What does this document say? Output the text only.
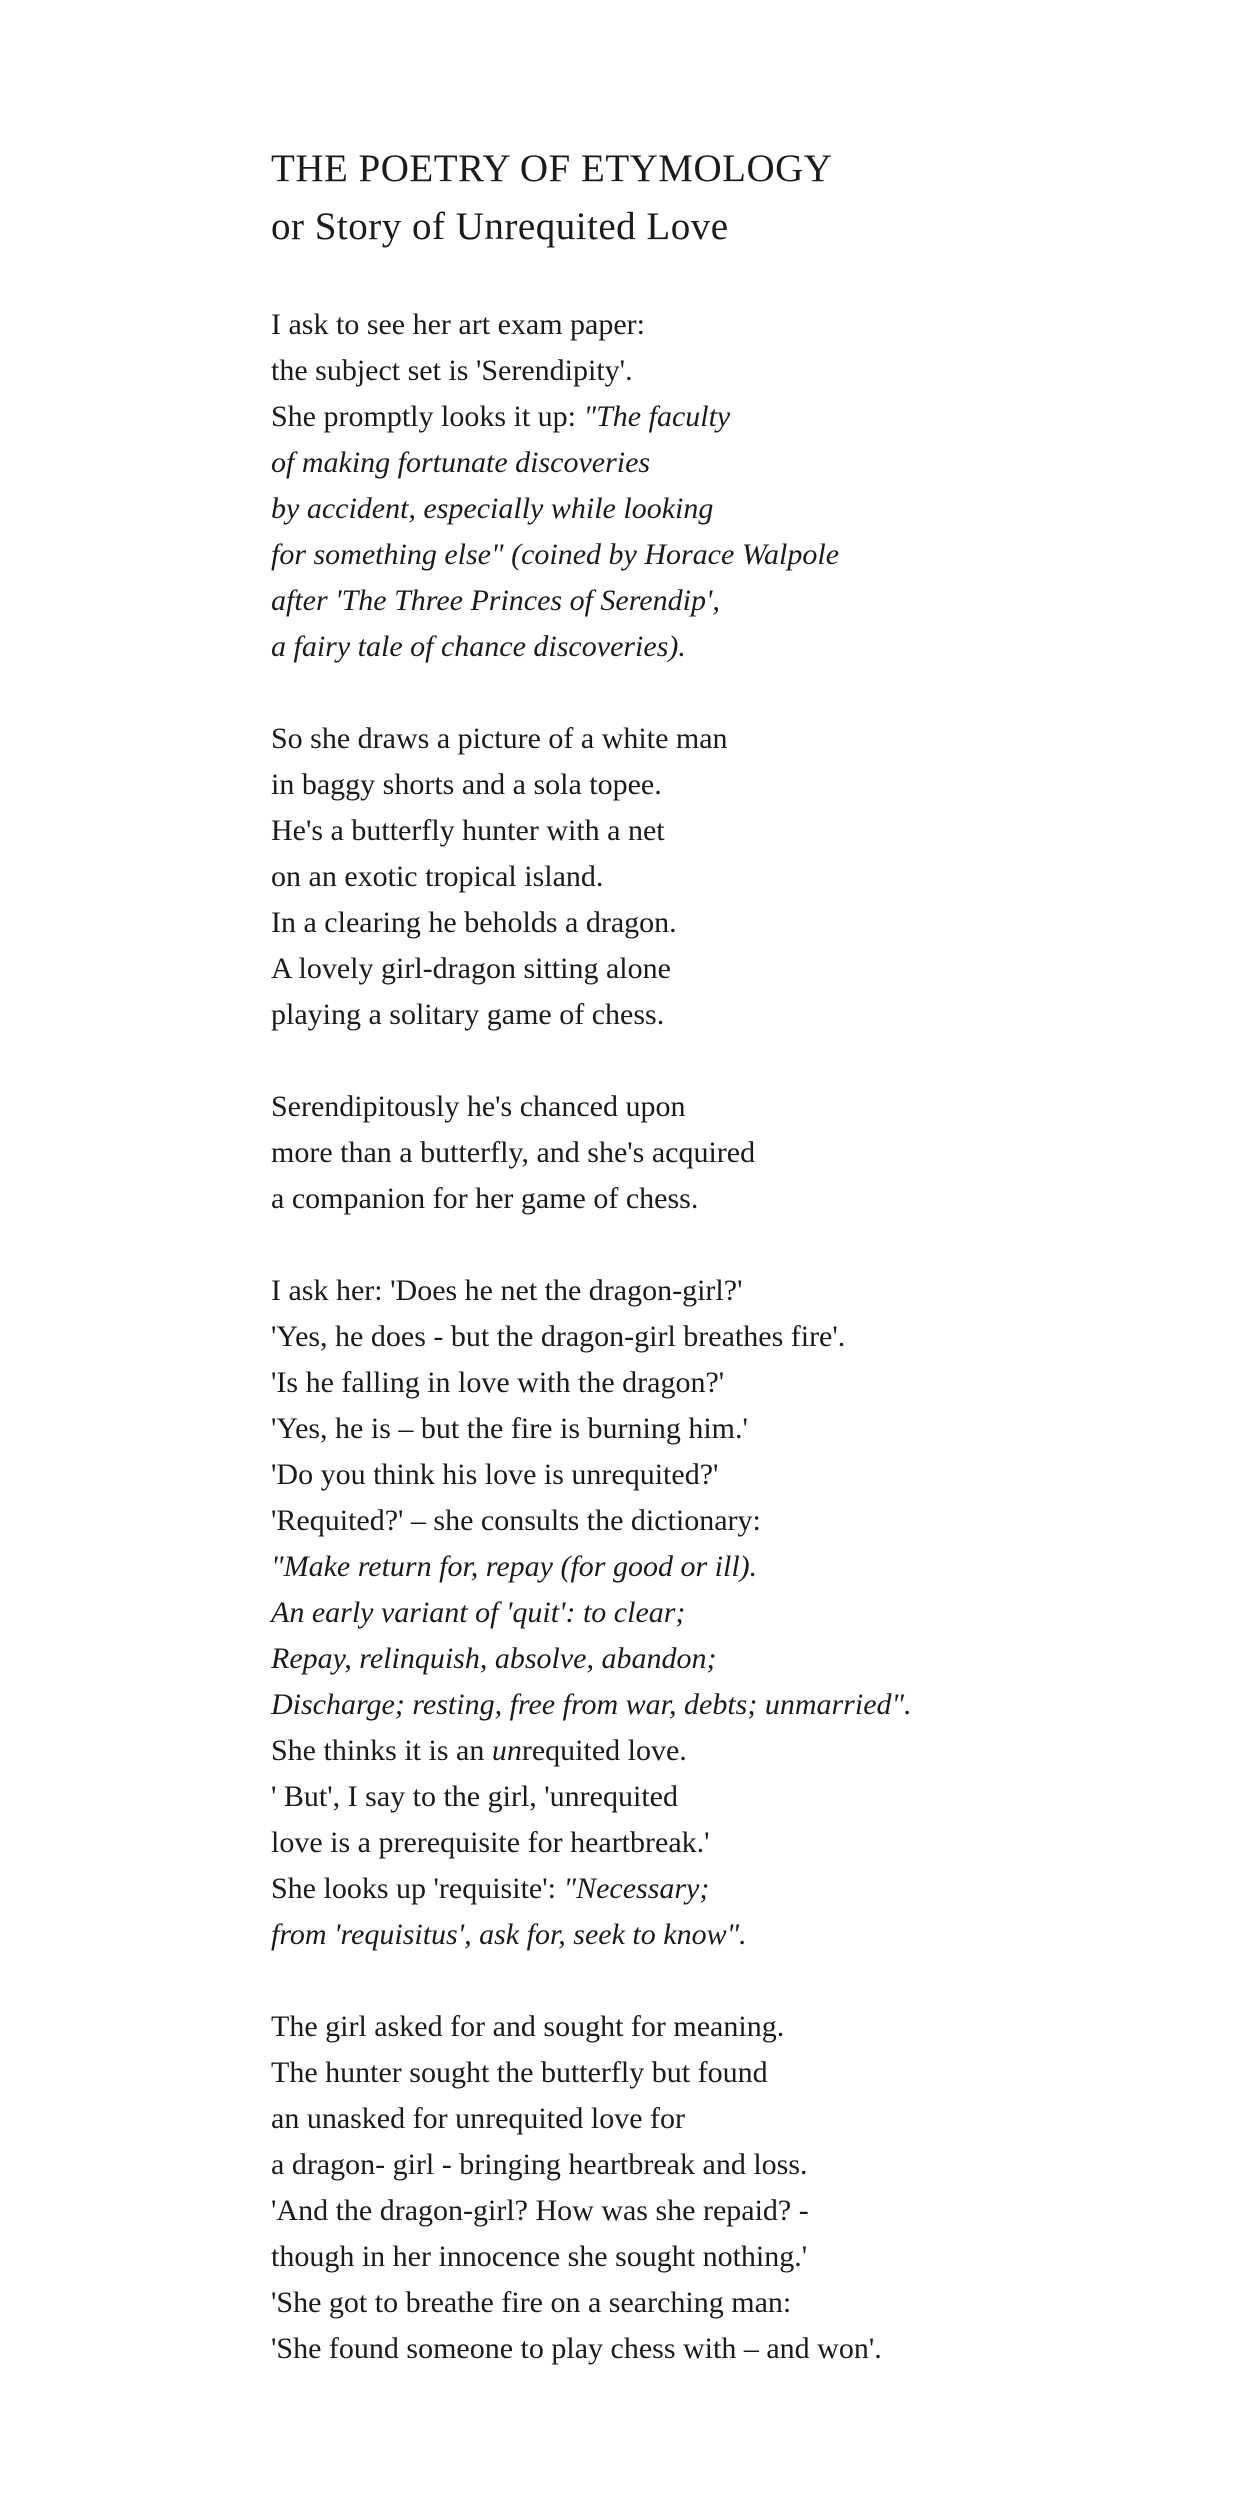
THE POETRY OF ETYMOLOGY
or Story of Unrequited Love
I ask to see her art exam paper:
the subject set is 'Serendipity'.
She promptly looks it up: "The faculty
of making fortunate discoveries
by accident, especially while looking
for something else" (coined by Horace Walpole
after 'The Three Princes of Serendip',
a fairy tale of chance discoveries).
So she draws a picture of a white man
in baggy shorts and a sola topee.
He's a butterfly hunter with a net
on an exotic tropical island.
In a clearing he beholds a dragon.
A lovely girl-dragon sitting alone
playing a solitary game of chess.
Serendipitously he's chanced upon
more than a butterfly, and she's acquired
a companion for her game of chess.
I ask her: 'Does he net the dragon-girl?'
'Yes, he does - but the dragon-girl breathes fire'.
'Is he falling in love with the dragon?'
'Yes, he is – but the fire is burning him.'
'Do you think his love is unrequited?'
'Requited?' – she consults the dictionary:
"Make return for, repay (for good or ill).
An early variant of 'quit': to clear;
Repay, relinquish, absolve, abandon;
Discharge; resting, free from war, debts; unmarried".
She thinks it is an unrequited love.
' But', I say to the girl, 'unrequited
love is a prerequisite for heartbreak.'
She looks up 'requisite': "Necessary;
from 'requisitus', ask for, seek to know".
The girl asked for and sought for meaning.
The hunter sought the butterfly but found
an unasked for unrequited love for
a dragon- girl - bringing heartbreak and loss.
'And the dragon-girl? How was she repaid? -
though in her innocence she sought nothing.'
'She got to breathe fire on a searching man:
'She found someone to play chess with – and won'.
